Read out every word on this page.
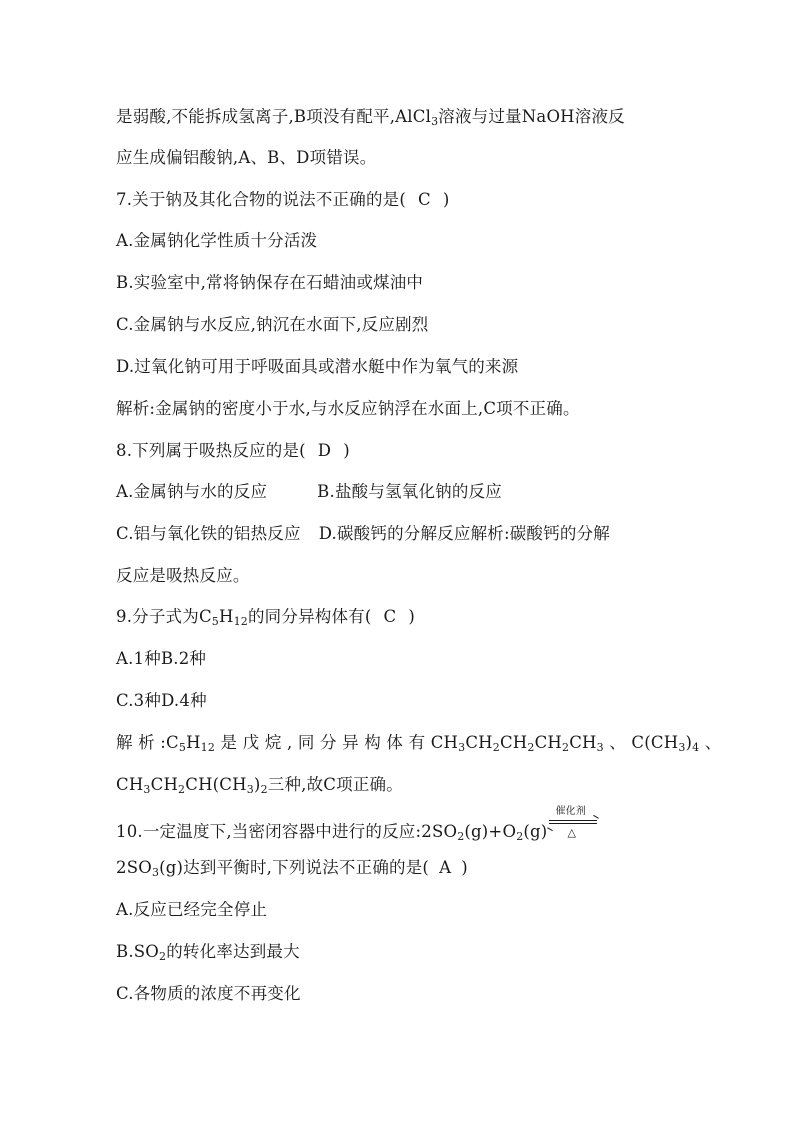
是弱酸,不能拆成氢离子,B项没有配平,AlCl$_3$溶液与过量NaOH溶液反
应生成偏铝酸钠,A、B、D项错误。
7.关于钠及其化合物的说法不正确的是( C )
A.金属钠化学性质十分活泼
B.实验室中,常将钠保存在石蜡油或煤油中
C.金属钠与水反应,钠沉在水面下,反应剧烈
D.过氧化钠可用于呼吸面具或潜水艇中作为氧气的来源
解析:金属钠的密度小于水,与水反应钠浮在水面上,C项不正确。
8.下列属于吸热反应的是( D )
A.金属钠与水的反应	B.盐酸与氢氧化钠的反应
C.铝与氧化铁的铝热反应 D.碳酸钙的分解反应解析:碳酸钙的分解
反应是吸热反应。
9.分子式为$C_5H_{12}$的同分异构体有( C )
A.1种B.2种
C.3种D.4种
解 析 $:C_5H_{12}$ 是 戊 烷 , 同 分 异 构 体 有 $CH_3CH_2CH_2CH_2CH_3$ 、 $C(CH_3)_4$ 、
$CH_3CH_2CH(CH_3)_2$三种,故C项正确。
10.一定温度下,当密闭容器中进行的反应$:2SO_2(g)+O_2(g)$
催化剂
△
$2SO_3(g)$达到平衡时,下列说法不正确的是( A )
A.反应已经完全停止
$B.SO_2$的转化率达到最大
C.各物质的浓度不再变化
